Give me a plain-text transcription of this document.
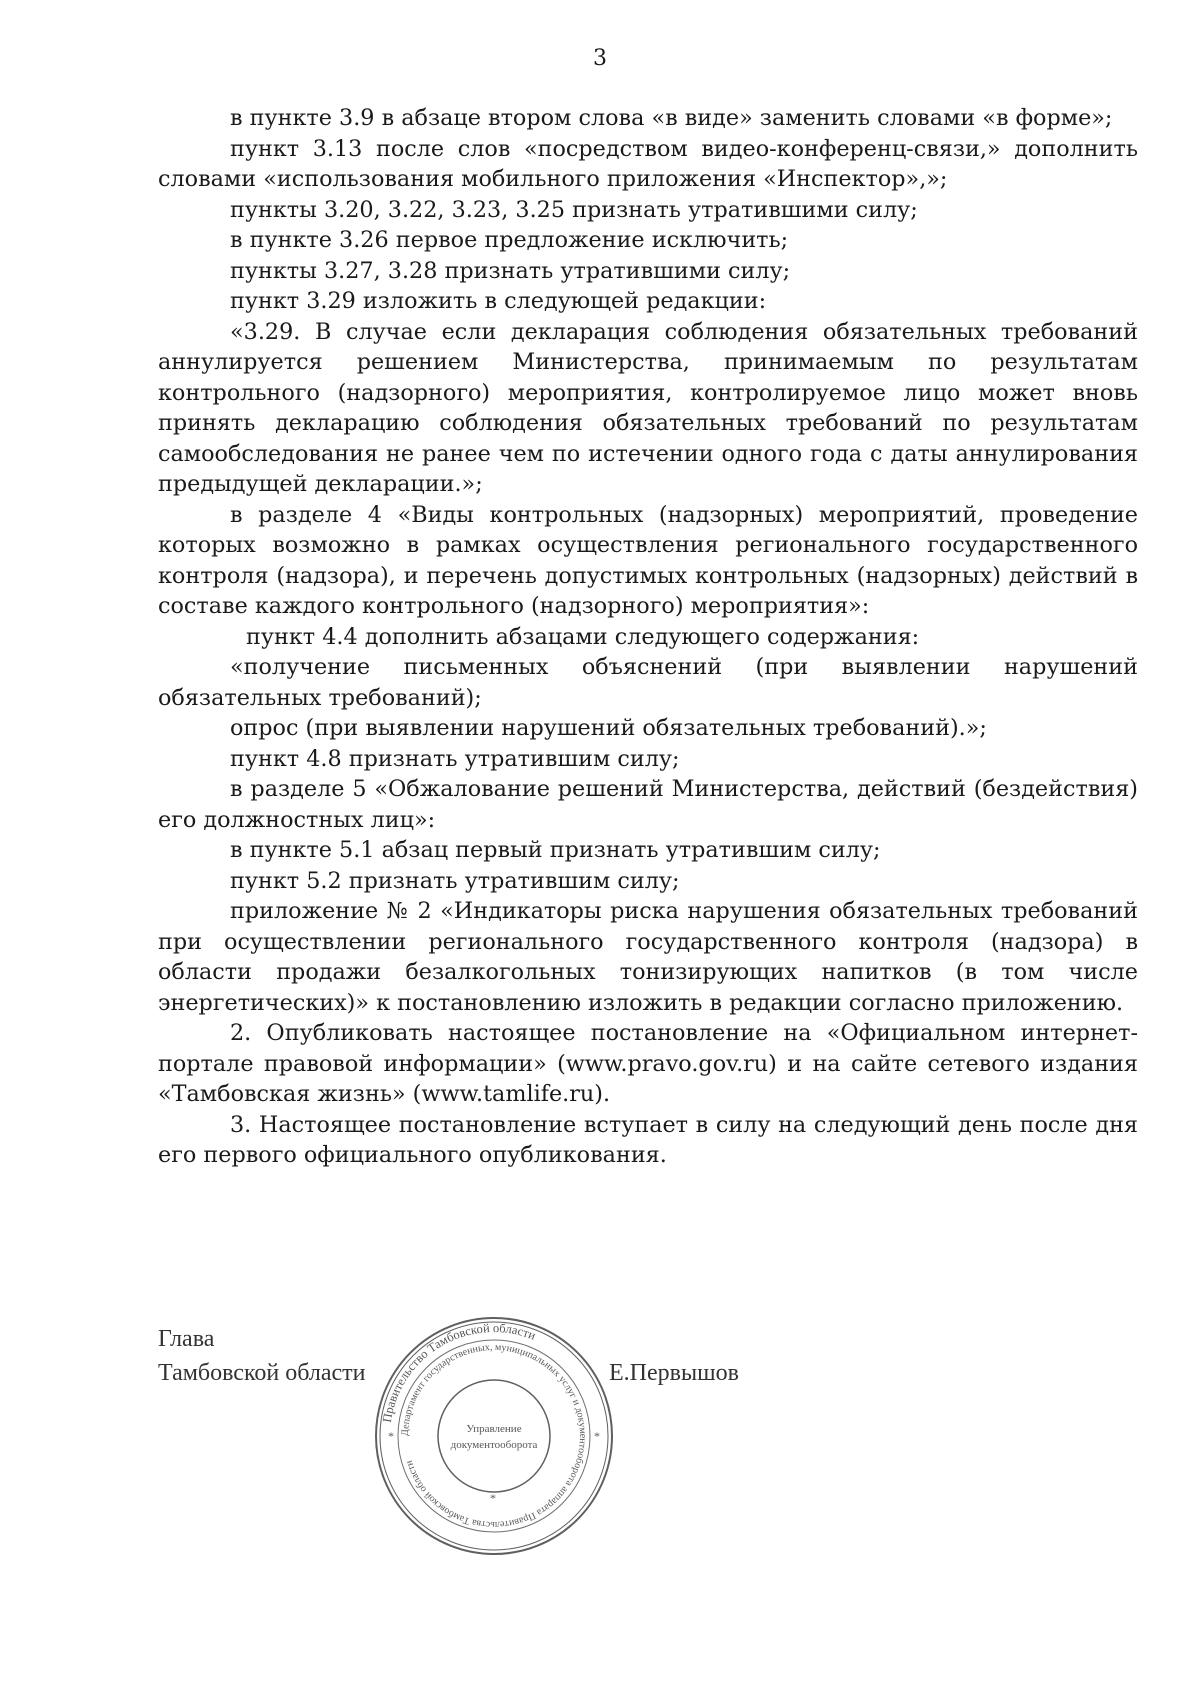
3

в пункте 3.9 в абзаце втором слова «в виде» заменить словами «в форме»;

пункт 3.13 после слов «посредством видео-конференц-связи,» дополнить словами «использования мобильного приложения «Инспектор»,»;

пункты 3.20, 3.22, 3.23, 3.25 признать утратившими силу;

в пункте 3.26 первое предложение исключить;

пункты 3.27, 3.28 признать утратившими силу;

пункт 3.29 изложить в следующей редакции:

«3.29. В случае если декларация соблюдения обязательных требований аннулируется решением Министерства, принимаемым по результатам контрольного (надзорного) мероприятия, контролируемое лицо может вновь принять декларацию соблюдения обязательных требований по результатам самообследования не ранее чем по истечении одного года с даты аннулирования предыдущей декларации.»;

в разделе 4 «Виды контрольных (надзорных) мероприятий, проведение которых возможно в рамках осуществления регионального государственного контроля (надзора), и перечень допустимых контрольных (надзорных) действий в составе каждого контрольного (надзорного) мероприятия»:

пункт 4.4 дополнить абзацами следующего содержания:

«получение письменных объяснений (при выявлении нарушений обязательных требований);

опрос (при выявлении нарушений обязательных требований).»;

пункт 4.8 признать утратившим силу;

в разделе 5 «Обжалование решений Министерства, действий (бездействия) его должностных лиц»:

в пункте 5.1 абзац первый признать утратившим силу;

пункт 5.2 признать утратившим силу;

приложение № 2 «Индикаторы риска нарушения обязательных требований при осуществлении регионального государственного контроля (надзора) в области продажи безалкогольных тонизирующих напитков (в том числе энергетических)» к постановлению изложить в редакции согласно приложению.

2. Опубликовать настоящее постановление на «Официальном интернет-портале правовой информации» (www.pravo.gov.ru) и на сайте сетевого издания «Тамбовская жизнь» (www.tamlife.ru).

3. Настоящее постановление вступает в силу на следующий день после дня его первого официального опубликования.

Глава
Тамбовской области	Е.Первышов
Правительство Тамбовской области
Департамент государственных, муниципальных услуг и документооборота аппарата Правительства Тамбовской области
Управление
документооборота
*	*
*
